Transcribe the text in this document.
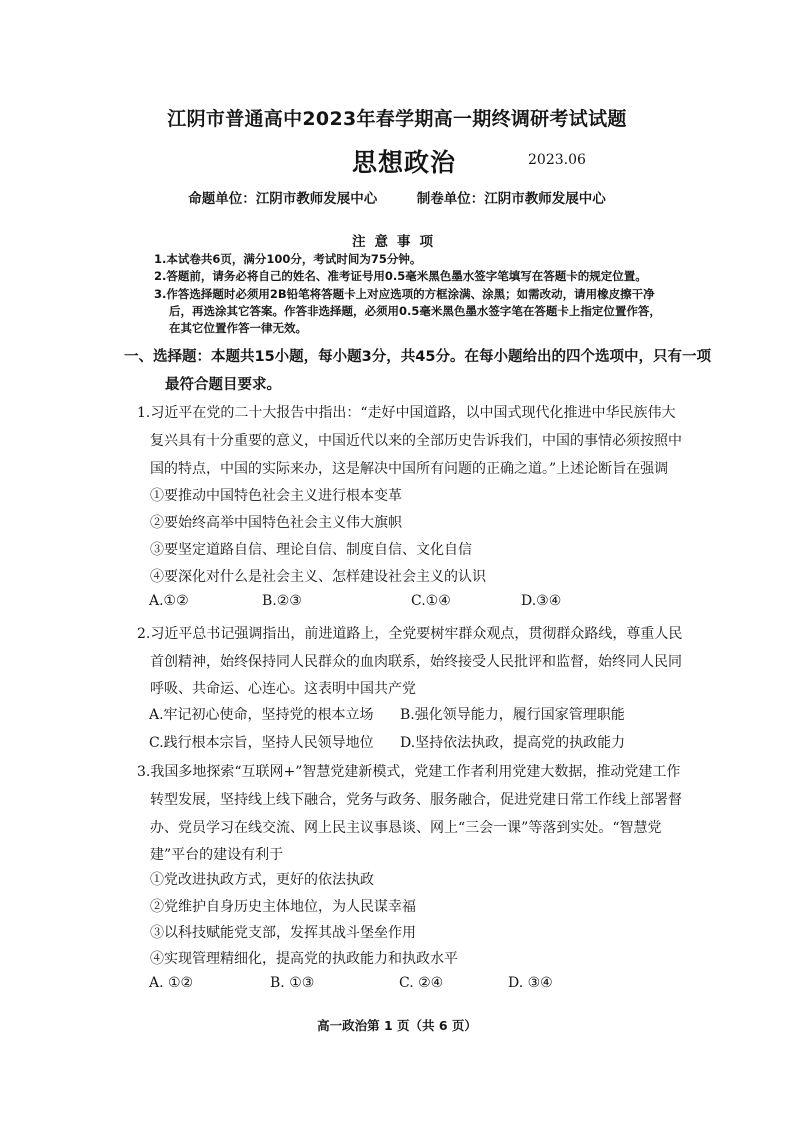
江阴市普通高中2023年春学期高一期终调研考试试题
思想政治	2023.06
命题单位：江阴市教师发展中心	制卷单位：江阴市教师发展中心
注意事项
1.本试卷共6页，满分100分，考试时间为75分钟。
2.答题前，请务必将自己的姓名、准考证号用0.5毫米黑色墨水签字笔填写在答题卡的规定位置。
3.作答选择题时必须用2B铅笔将答题卡上对应选项的方框涂满、涂黑；如需改动，请用橡皮擦干净
后，再选涂其它答案。作答非选择题，必须用0.5毫米黑色墨水签字笔在答题卡上指定位置作答，
在其它位置作答一律无效。
一、选择题：本题共15小题，每小题3分，共45分。在每小题给出的四个选项中，只有一项
最符合题目要求。
1.习近平在党的二十大报告中指出：“走好中国道路，以中国式现代化推进中华民族伟大
复兴具有十分重要的意义，中国近代以来的全部历史告诉我们，中国的事情必须按照中
国的特点，中国的实际来办，这是解决中国所有问题的正确之道。”上述论断旨在强调
①要推动中国特色社会主义进行根本变革
②要始终高举中国特色社会主义伟大旗帜
③要坚定道路自信、理论自信、制度自信、文化自信
④要深化对什么是社会主义、怎样建设社会主义的认识
A.①②	B.②③	C.①④	D.③④
2.习近平总书记强调指出，前进道路上，全党要树牢群众观点，贯彻群众路线，尊重人民
首创精神，始终保持同人民群众的血肉联系，始终接受人民批评和监督，始终同人民同
呼吸、共命运、心连心。这表明中国共产党
A.牢记初心使命，坚持党的根本立场 B.强化领导能力，履行国家管理职能
C.践行根本宗旨，坚持人民领导地位 D.坚持依法执政，提高党的执政能力
3.我国多地探索“互联网+”智慧党建新模式，党建工作者利用党建大数据，推动党建工作
转型发展，坚持线上线下融合，党务与政务、服务融合，促进党建日常工作线上部署督
办、党员学习在线交流、网上民主议事恳谈、网上“三会一课”等落到实处。“智慧党
建”平台的建设有利于
①党改进执政方式，更好的依法执政
②党维护自身历史主体地位，为人民谋幸福
③以科技赋能党支部，发挥其战斗堡垒作用
④实现管理精细化，提高党的执政能力和执政水平
A. ①②	B. ①③	C. ②④	D. ③④
高一政治第 1 页（共 6 页）
